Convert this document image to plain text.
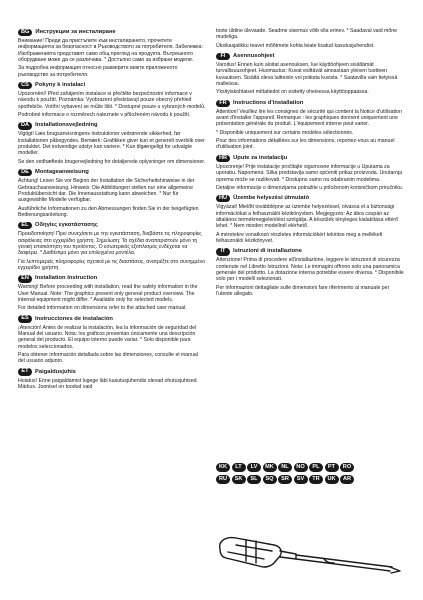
BG	Инструкции за инсталиране

Внимание! Преди да пристъпите към инсталирането, прочетете информацията за безопасност в Ръководството за потребителя. Забележка: Изображенията представят само общ преглед на продукта. Вътрешното оборудване може да се различава. * Достъпно само за избрани модели.

За подробна информация относно размерите вижте приложеното ръководство за потребителя.

CS	Pokyny k instalaci

Upozornění! Před zahájením instalace si přečtěte bezpečnostní informace v návodu k použití. Poznámka: Vyobrazení představují pouze obecný přehled spotřebiče. Vnitřní vybavení se může lišit. * Dostupné pouze u vybraných modelů.

Podrobné informace o rozměrech naleznete v přiloženém návodu k použití.

DA	Installationsvejledning

Vigtigt! Læs brugsanvisningens instruktioner vedrørende sikkerhed, før installationen påbegyndes. Bemærk: Grafikken giver kun et generelt overblik over produktet. Det indvendige udstyr kan variere. * Kun tilgængeligt for udvalgte modeller.

Se den vedhæftede brugervejledning for detaljerede oplysninger om dimensioner.

DE	Montageanweisung

Achtung! Lesen Sie vor Beginn der Installation die Sicherheitshinweise in der Gebrauchsanweisung. Hinweis: Die Abbildungen stellen nur eine allgemeine Produktübersicht dar. Die Innenausstattung kann abweichen. * Nur für ausgewählte Modelle verfügbar.

Ausführliche Informationen zu den Abmessungen finden Sie in der beigefügten Bedienungsanleitung.

EL	Οδηγίες εγκατάστασης

Προειδοποίηση! Πριν συνεχίσετε με την εγκατάσταση, διαβάστε τις πληροφορίες ασφάλειας στο εγχειρίδιο χρήστη. Σημείωση: Τα σχέδια αναπαριστούν μόνο τη γενική επισκόπηση του προϊόντος. Ο εσωτερικός εξοπλισμός ενδέχεται να διαφέρει. * Διαθέσιμο μόνο για επιλεγμένα μοντέλα.

Για λεπτομερείς πληροφορίες σχετικά με τις διαστάσεις, ανατρέξτε στο συνημμένο εγχειρίδιο χρήστη.

EN	Installation Instruction

Warning! Before proceeding with installation, read the safety information in the User Manual. Note: The graphics present only general product overview. The internal equipment might differ. * Available only for selected models.

For detailed information on dimensions refer to the attached user manual.

ES	Instrucciones de instalación

¡Atención! Antes de realizar la instalación, lea la información de seguridad del Manual del usuario. Nota: los gráficos presentan únicamente una descripción general del producto. El equipo interno puede variar. * Solo disponible para modelos seleccionados.

Para obtener información detallada sobre las dimensiones, consulte el manual del usuario adjunto.

ET	Paigaldusjuhis

Hoiatus! Enne paigaldamist lugege läbi kasutusjuhendis olevad ohutusjuhised. Märkus. Joonisel on toodud vaid

toote üldine ülevaade. Seadme sisemus võib olla erinev. * Saadaval vaid mõne mudeliga.

Üksikasjalikku teavet mõõtmete kohta leiate lisatud kasutusjuhendist.

FI	Asennusohjeet

Varoitus! Ennen kuin aloitat asennuksen, lue käyttöohjeen sisältämät turvallisuusohjeet. Huomautus: Kuvat esittävät ainoastaan yleisen tuotteen kuvauksen. Sisältä oleva laitteisto voi poiketa kuvista. * Saatavilla vain tietyissä malleissa.

Yksityiskohtaiset mittatiedot on esitetty oheisessa käyttöoppaassa.

FR	Instructions d'installation

Attention! Veuillez lire les consignes de sécurité qui contient la Notice d'utilisation avant d'installer l'appareil. Remarque : les graphiques donnent uniquement une présentation générale du produit. L'équipement interne peut varier.

* Disponible uniquement sur certains modèles sélectionnés.

Pour des informations détaillées sur les dimensions, reportez-vous au manuel d'utilisation joint.

HR	Upute za instalaciju

Upozorenje! Prije instalacije pročitajte sigurnosne informacije u Uputama za uporabu. Napomena: Slika predstavlja samo općeniti prikaz proizvoda. Unutarnja oprema može se razlikovati. * Dostupno samo na odabranim modelima.

Detaljne informacije o dimenzijama potražite u priloženom korisničkom priručniku.

HU	Üzembe helyezési útmutató

Vigyázat! Mielőtt továbblépne az üzembe helyezéssel, olvassa el a biztonsági információkat a felhasználói kézikönyvben. Megjegyzés: Az ábra csupán az általános termékmegjelenítést szolgálja. A készülék tényleges kialakítása eltérő lehet. * Nem minden modellnél elérhető.

A méretekre vonatkozó részletes információkért tekintse meg a mellékelt felhasználói kézikönyvet.

IT	Istruzioni di installazione

Attenzione! Prima di procedere all'installazione, leggere le istruzioni di sicurezza contenute nel Libretto Istruzioni. Nota: Le immagini offrono solo una panoramica generale del prodotto. La dotazione interna potrebbe essere diversa. * Disponibile solo per i modelli selezionati.

Per informazioni dettagliate sulle dimensioni fare riferimento al manuale per l'utente allegato.

KK	LT	LV	MK	NL	NO	PL	PT	RO
RU	SK	SL	SQ	SR	SV	TR	UK	AR
